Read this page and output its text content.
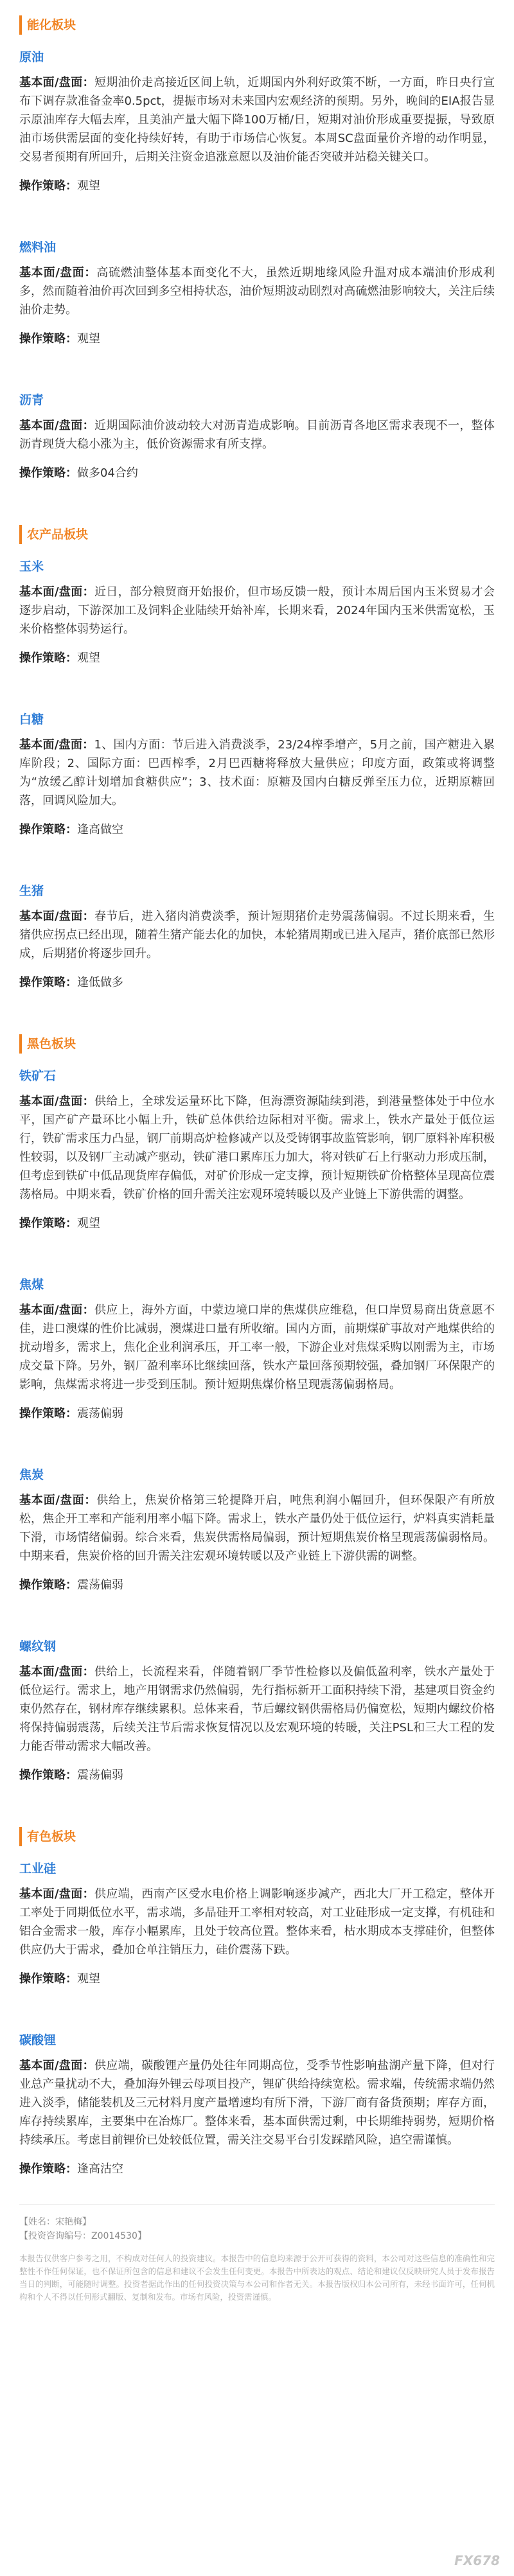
能化板块
原油

基本面/盘面：短期油价走高接近区间上轨，近期国内外利好政策不断，一方面，昨日央行宣布下调存款准备金率0.5pct，提振市场对未来国内宏观经济的预期。另外，晚间的EIA报告显示原油库存大幅去库，且美油产量大幅下降100万桶/日，短期对油价形成重要提振，导致原油市场供需层面的变化持续好转，有助于市场信心恢复。本周SC盘面量价齐增的动作明显，交易者预期有所回升，后期关注资金追涨意愿以及油价能否突破并站稳关键关口。

操作策略：观望

燃料油

基本面/盘面：高硫燃油整体基本面变化不大，虽然近期地缘风险升温对成本端油价形成利多，然而随着油价再次回到多空相持状态，油价短期波动剧烈对高硫燃油影响较大，关注后续油价走势。

操作策略：观望

沥青

基本面/盘面：近期国际油价波动较大对沥青造成影响。目前沥青各地区需求表现不一，整体沥青现货大稳小涨为主，低价资源需求有所支撑。

操作策略：做多04合约

农产品板块
玉米

基本面/盘面：近日，部分粮贸商开始报价，但市场反馈一般，预计本周后国内玉米贸易才会逐步启动，下游深加工及饲料企业陆续开始补库，长期来看，2024年国内玉米供需宽松，玉米价格整体弱势运行。

操作策略：观望

白糖

基本面/盘面：1、国内方面：节后进入消费淡季，23/24榨季增产，5月之前，国产糖进入累库阶段；2、国际方面：巴西榨季，2月巴西糖将释放大量供应；印度方面，政策或将调整为“放缓乙醇计划增加食糖供应”；3、技术面：原糖及国内白糖反弹至压力位，近期原糖回落，回调风险加大。

操作策略：逢高做空

生猪

基本面/盘面：春节后，进入猪肉消费淡季，预计短期猪价走势震荡偏弱。不过长期来看，生猪供应拐点已经出现，随着生猪产能去化的加快，本轮猪周期或已进入尾声，猪价底部已然形成，后期猪价将逐步回升。

操作策略：逢低做多

黑色板块
铁矿石

基本面/盘面：供给上，全球发运量环比下降，但海漂资源陆续到港，到港量整体处于中位水平，国产矿产量环比小幅上升，铁矿总体供给边际相对平衡。需求上，铁水产量处于低位运行，铁矿需求压力凸显，钢厂前期高炉检修减产以及受铸钢事故监管影响，钢厂原料补库积极性较弱，以及钢厂主动减产驱动，铁矿港口累库压力加大，将对铁矿石上行驱动力形成压制，但考虑到铁矿中低品现货库存偏低，对矿价形成一定支撑，预计短期铁矿价格整体呈现高位震荡格局。中期来看，铁矿价格的回升需关注宏观环境转暖以及产业链上下游供需的调整。

操作策略：观望

焦煤

基本面/盘面：供应上，海外方面，中蒙边境口岸的焦煤供应维稳，但口岸贸易商出货意愿不佳，进口澳煤的性价比减弱，澳煤进口量有所收缩。国内方面，前期煤矿事故对产地煤供给的扰动增多，需求上，焦化企业利润承压，开工率一般，下游企业对焦煤采购以刚需为主，市场成交量下降。另外，钢厂盈利率环比继续回落，铁水产量回落预期较强，叠加钢厂环保限产的影响，焦煤需求将进一步受到压制。预计短期焦煤价格呈现震荡偏弱格局。

操作策略：震荡偏弱

焦炭

基本面/盘面：供给上，焦炭价格第三轮提降开启，吨焦利润小幅回升，但环保限产有所放松，焦企开工率和产能利用率小幅下降。需求上，铁水产量仍处于低位运行，炉料真实消耗量下滑，市场情绪偏弱。综合来看，焦炭供需格局偏弱，预计短期焦炭价格呈现震荡偏弱格局。中期来看，焦炭价格的回升需关注宏观环境转暖以及产业链上下游供需的调整。

操作策略：震荡偏弱

螺纹钢

基本面/盘面：供给上，长流程来看，伴随着钢厂季节性检修以及偏低盈利率，铁水产量处于低位运行。需求上，地产用钢需求仍然偏弱，先行指标新开工面积持续下滑，基建项目资金约束仍然存在，钢材库存继续累积。总体来看，节后螺纹钢供需格局仍偏宽松，短期内螺纹价格将保持偏弱震荡，后续关注节后需求恢复情况以及宏观环境的转暖，关注PSL和三大工程的发力能否带动需求大幅改善。

操作策略：震荡偏弱

有色板块
工业硅

基本面/盘面：供应端，西南产区受水电价格上调影响逐步减产，西北大厂开工稳定，整体开工率处于同期低位水平，需求端，多晶硅开工率相对较高，对工业硅形成一定支撑，有机硅和铝合金需求一般，库存小幅累库，且处于较高位置。整体来看，枯水期成本支撑硅价，但整体供应仍大于需求，叠加仓单注销压力，硅价震荡下跌。

操作策略：观望

碳酸锂

基本面/盘面：供应端，碳酸锂产量仍处往年同期高位，受季节性影响盐湖产量下降，但对行业总产量扰动不大，叠加海外锂云母项目投产，锂矿供给持续宽松。需求端，传统需求端仍然进入淡季，储能装机及三元材料月度产量增速均有所下滑，下游厂商有备货预期；库存方面，库存持续累库，主要集中在冶炼厂。整体来看，基本面供需过剩，中长期维持弱势，短期价格持续承压。考虑目前锂价已处较低位置，需关注交易平台引发踩踏风险，追空需谨慎。

操作策略：逢高沽空

【姓名：宋艳梅】

【投资咨询编号：Z0014530】

本报告仅供客户参考之用，不构成对任何人的投资建议。本报告中的信息均来源于公开可获得的资料，本公司对这些信息的准确性和完整性不作任何保证，也不保证所包含的信息和建议不会发生任何变更。本报告中所表达的观点、结论和建议仅反映研究人员于发布报告当日的判断，可能随时调整。投资者据此作出的任何投资决策与本公司和作者无关。本报告版权归本公司所有，未经书面许可，任何机构和个人不得以任何形式翻版、复制和发布。市场有风险，投资需谨慎。

FX678
